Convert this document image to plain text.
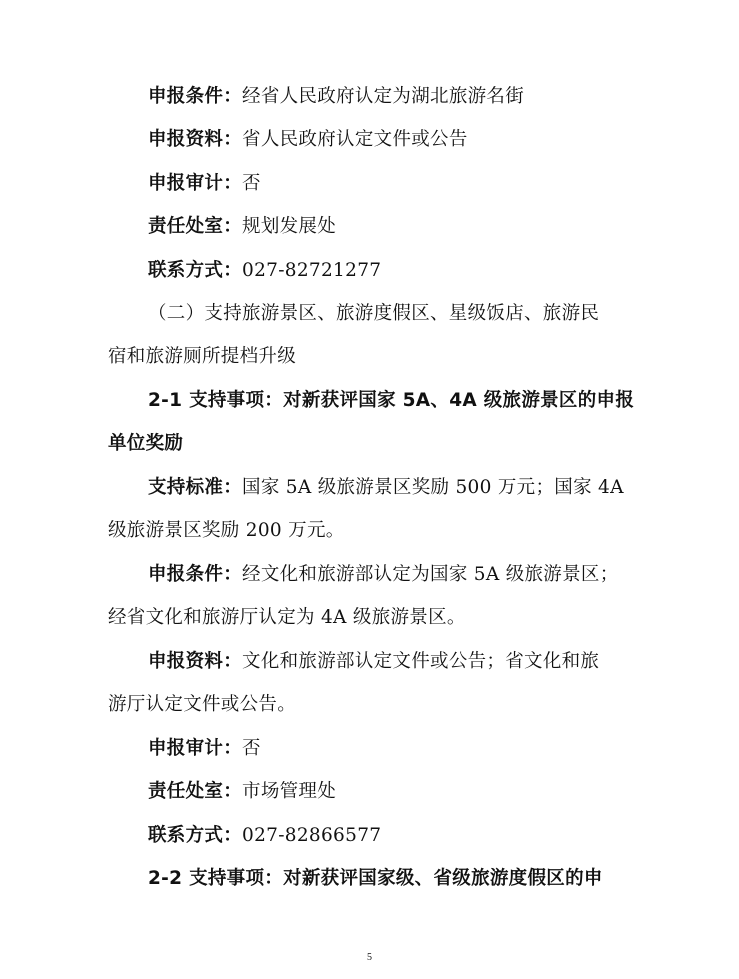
申报条件：经省人民政府认定为湖北旅游名街
申报资料：省人民政府认定文件或公告
申报审计：否
责任处室：规划发展处
联系方式：027-82721277
（二）支持旅游景区、旅游度假区、星级饭店、旅游民
宿和旅游厕所提档升级
2-1 支持事项：对新获评国家 5A、4A 级旅游景区的申报
单位奖励
支持标准：国家 5A 级旅游景区奖励 500 万元；国家 4A
级旅游景区奖励 200 万元。
申报条件：经文化和旅游部认定为国家 5A 级旅游景区；
经省文化和旅游厅认定为 4A 级旅游景区。
申报资料：文化和旅游部认定文件或公告；省文化和旅
游厅认定文件或公告。
申报审计：否
责任处室：市场管理处
联系方式：027-82866577
2-2 支持事项：对新获评国家级、省级旅游度假区的申
5
